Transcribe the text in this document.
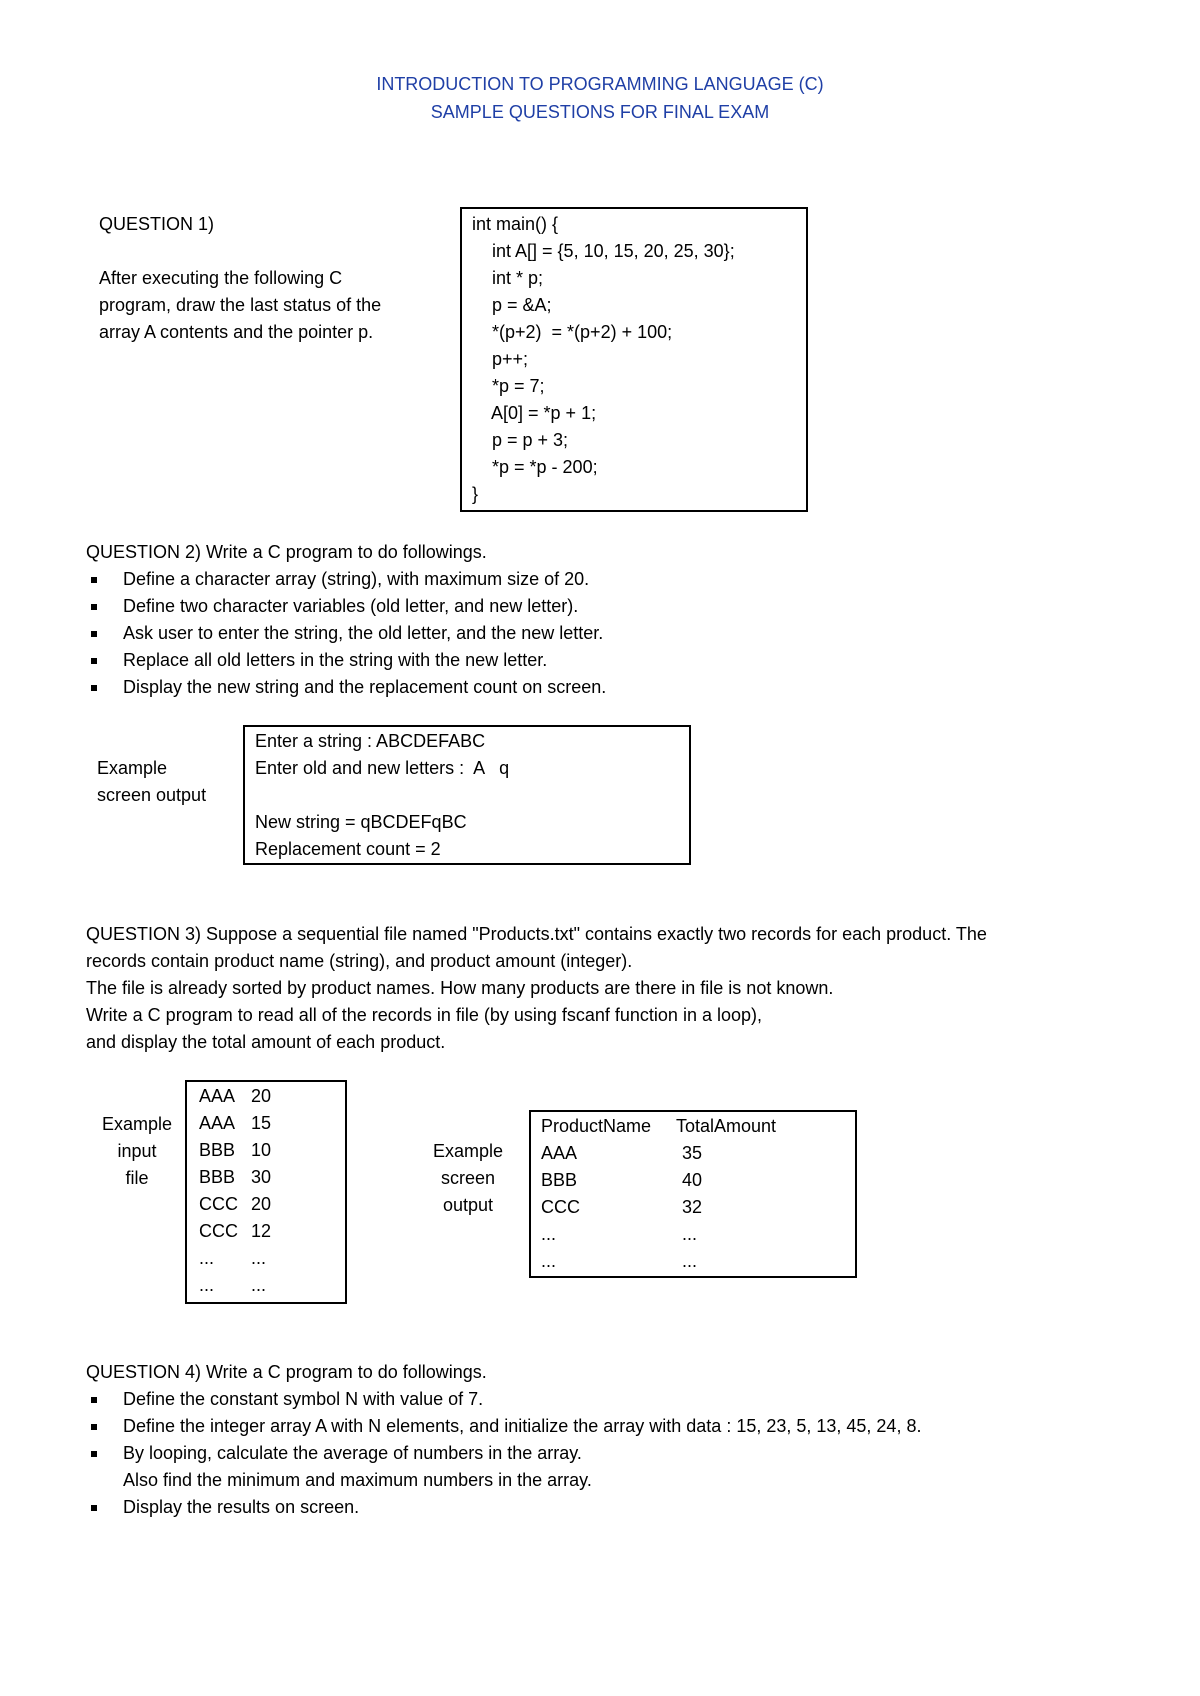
INTRODUCTION TO PROGRAMMING LANGUAGE (C)
SAMPLE QUESTIONS FOR FINAL EXAM
QUESTION 1)
After executing the following C
program, draw the last status of the
array A contents and the pointer p.
int main() {
int A[] = {5, 10, 15, 20, 25, 30};
int * p;
p = &A;
*(p+2)  = *(p+2) + 100;
p++;
*p = 7;
A[0] = *p + 1;
p = p + 3;
*p = *p - 200;
}
QUESTION 2) Write a C program to do followings.
Define a character array (string), with maximum size of 20.
Define two character variables (old letter, and new letter).
Ask user to enter the string, the old letter, and the new letter.
Replace all old letters in the string with the new letter.
Display the new string and the replacement count on screen.
Example
screen output
Enter a string : ABCDEFABC
Enter old and new letters :  A   q
New string = qBCDEFqBC
Replacement count = 2
QUESTION 3) Suppose a sequential file named "Products.txt" contains exactly two records for each product. The
records contain product name (string), and product amount (integer).
The file is already sorted by product names. How many products are there in file is not known.
Write a C program to read all of the records in file (by using fscanf function in a loop),
and display the total amount of each product.
Example
input
file
AAA 20
AAA 15
BBB 10
BBB 30
CCC 20
CCC 12
... ...
... ...
Example
screen
output
ProductName TotalAmount
AAA	35
BBB	40
CCC	32
...	...
...	...
QUESTION 4) Write a C program to do followings.
Define the constant symbol N with value of 7.
Define the integer array A with N elements, and initialize the array with data : 15, 23, 5, 13, 45, 24, 8.
By looping, calculate the average of numbers in the array.
Also find the minimum and maximum numbers in the array.
Display the results on screen.
